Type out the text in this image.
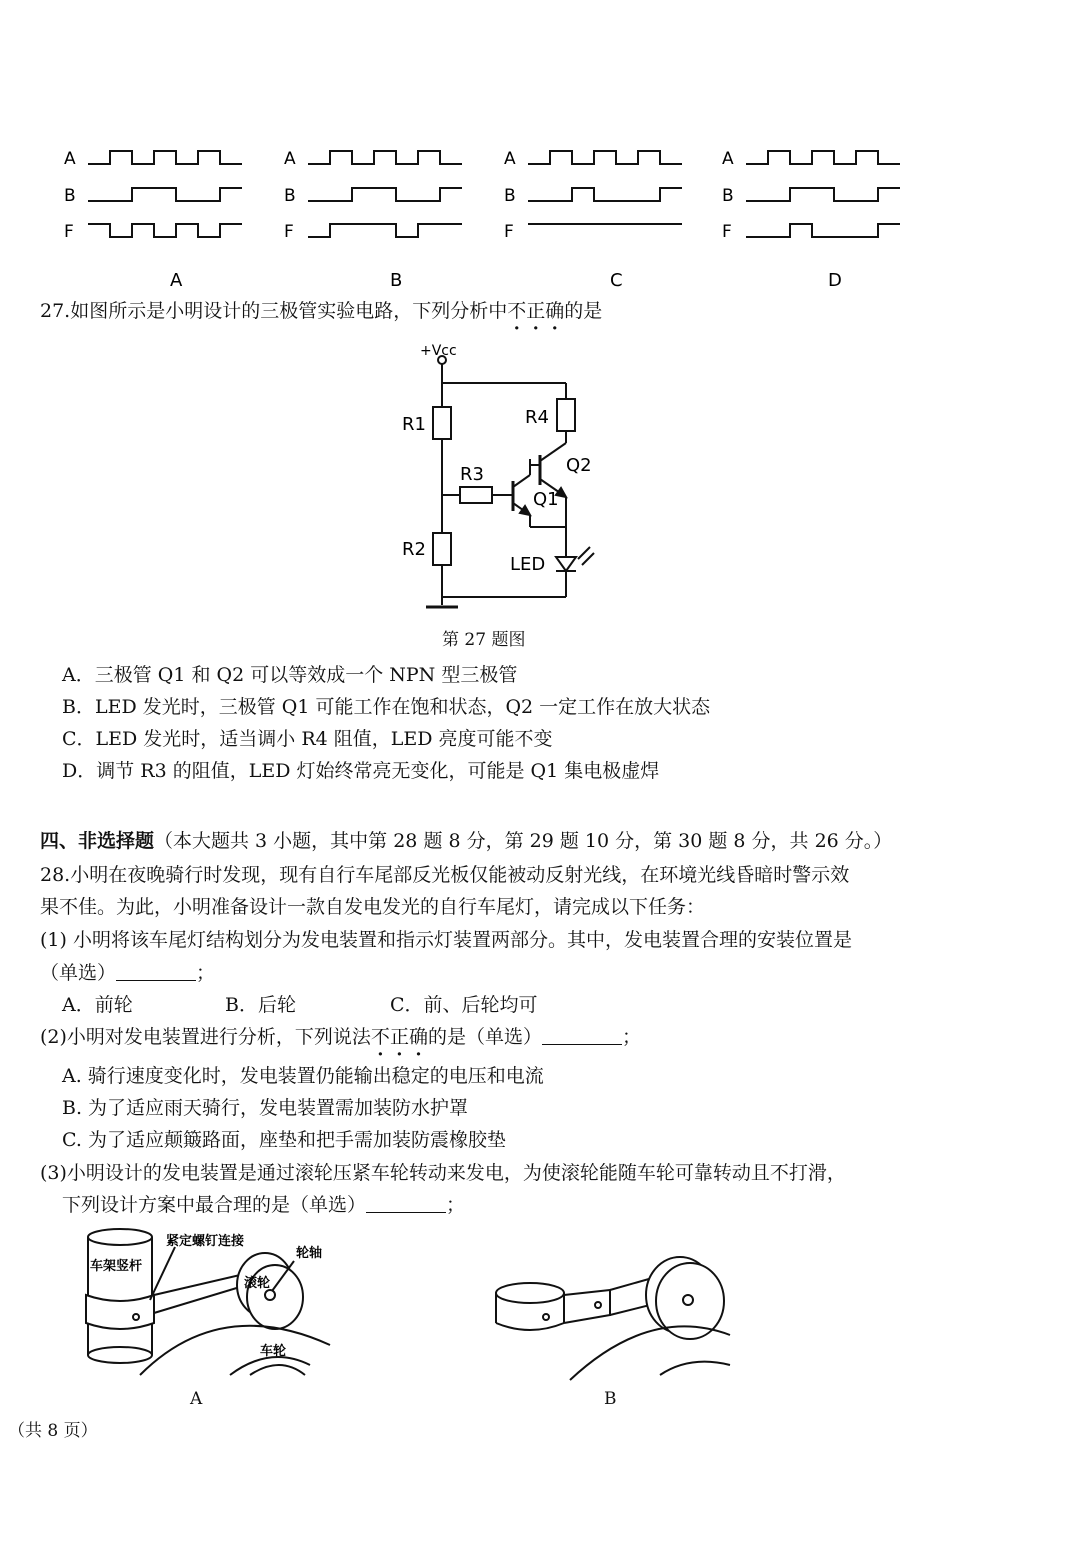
A
B
F
A
A
B
F
B
A
B
F
C
A
B
F
D
27.如图所示是小明设计的三极管实验电路，下列分析中不正确的是
+Vcc
R1
R2
R3
R4
Q1
Q2
LED
第 27 题图
A．三极管 Q1 和 Q2 可以等效成一个 NPN 型三极管
B．LED 发光时，三极管 Q1 可能工作在饱和状态，Q2 一定工作在放大状态
C．LED 发光时，适当调小 R4 阻值，LED 亮度可能不变
D．调节 R3 的阻值，LED 灯始终常亮无变化，可能是 Q1 集电极虚焊
四、非选择题（本大题共 3 小题，其中第 28 题 8 分，第 29 题 10 分，第 30 题 8 分，共 26 分。）
28.小明在夜晚骑行时发现，现有自行车尾部反光板仅能被动反射光线，在环境光线昏暗时警示效
果不佳。为此，小明准备设计一款自发电发光的自行车尾灯，请完成以下任务：
(1) 小明将该车尾灯结构划分为发电装置和指示灯装置两部分。其中，发电装置合理的安装位置是
（单选）	；
A．前轮	B．后轮	C．前、后轮均可
(2)小明对发电装置进行分析，下列说法不正确的是（单选）	；
A. 骑行速度变化时，发电装置仍能输出稳定的电压和电流
B. 为了适应雨天骑行，发电装置需加装防水护罩
C. 为了适应颠簸路面，座垫和把手需加装防震橡胶垫
(3)小明设计的发电装置是通过滚轮压紧车轮转动来发电，为使滚轮能随车轮可靠转动且不打滑，
下列设计方案中最合理的是（单选）	；
车架竖杆
紧定螺钉连接
轮轴
滚轮
车轮
A	B
（共 8 页）
